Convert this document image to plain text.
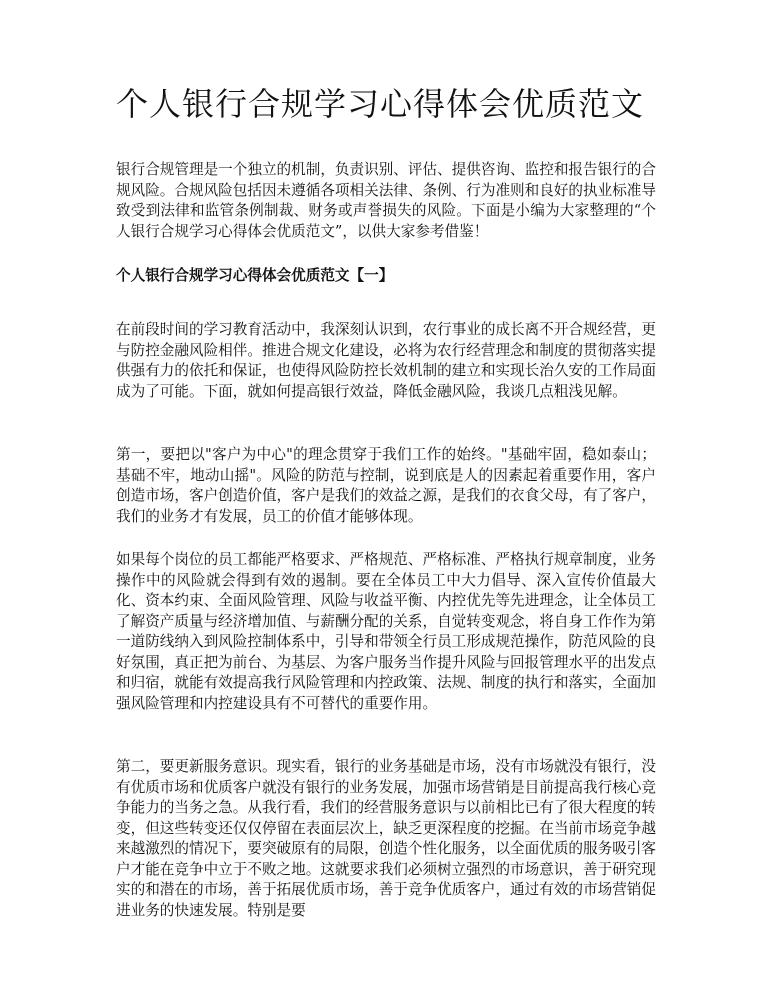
个人银行合规学习心得体会优质范文

银行合规管理是一个独立的机制，负责识别、评估、提供咨询、监控和报告银行的合规风险。合规风险包括因未遵循各项相关法律、条例、行为准则和良好的执业标准导致受到法律和监管条例制裁、财务或声誉损失的风险。下面是小编为大家整理的“个人银行合规学习心得体会优质范文”，以供大家参考借鉴！

个人银行合规学习心得体会优质范文【一】

在前段时间的学习教育活动中，我深刻认识到，农行事业的成长离不开合规经营，更与防控金融风险相伴。推进合规文化建设，必将为农行经营理念和制度的贯彻落实提供强有力的依托和保证，也使得风险防控长效机制的建立和实现长治久安的工作局面成为了可能。下面，就如何提高银行效益，降低金融风险，我谈几点粗浅见解。

第一，要把以"客户为中心"的理念贯穿于我们工作的始终。"基础牢固，稳如泰山；基础不牢，地动山摇"。风险的防范与控制，说到底是人的因素起着重要作用，客户创造市场，客户创造价值，客户是我们的效益之源，是我们的衣食父母，有了客户，我们的业务才有发展，员工的价值才能够体现。

如果每个岗位的员工都能严格要求、严格规范、严格标准、严格执行规章制度，业务操作中的风险就会得到有效的遏制。要在全体员工中大力倡导、深入宣传价值最大化、资本约束、全面风险管理、风险与收益平衡、内控优先等先进理念，让全体员工了解资产质量与经济增加值、与薪酬分配的关系，自觉转变观念，将自身工作作为第一道防线纳入到风险控制体系中，引导和带领全行员工形成规范操作，防范风险的良好氛围，真正把为前台、为基层、为客户服务当作提升风险与回报管理水平的出发点和归宿，就能有效提高我行风险管理和内控政策、法规、制度的执行和落实，全面加强风险管理和内控建设具有不可替代的重要作用。

第二，要更新服务意识。现实看，银行的业务基础是市场，没有市场就没有银行，没有优质市场和优质客户就没有银行的业务发展，加强市场营销是目前提高我行核心竞争能力的当务之急。从我行看，我们的经营服务意识与以前相比已有了很大程度的转变，但这些转变还仅仅停留在表面层次上，缺乏更深程度的挖掘。在当前市场竞争越来越激烈的情况下，要突破原有的局限，创造个性化服务，以全面优质的服务吸引客户才能在竞争中立于不败之地。这就要求我们必须树立强烈的市场意识，善于研究现实的和潜在的市场，善于拓展优质市场，善于竞争优质客户，通过有效的市场营销促进业务的快速发展。特别是要
